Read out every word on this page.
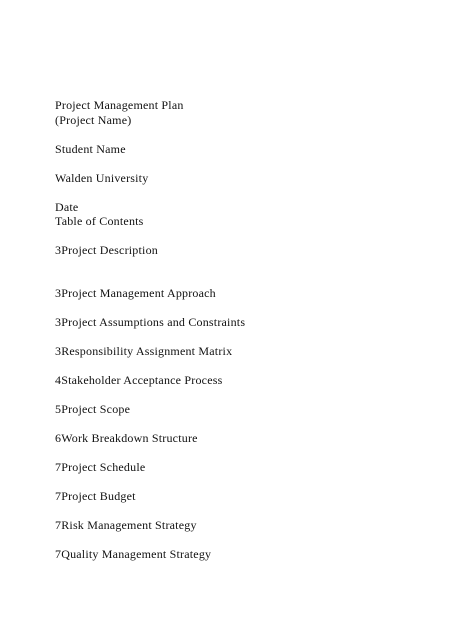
Project Management Plan
(Project Name)
Student Name
Walden University
Date
Table of Contents
3Project Description
3Project Management Approach
3Project Assumptions and Constraints
3Responsibility Assignment Matrix
4Stakeholder Acceptance Process
5Project Scope
6Work Breakdown Structure
7Project Schedule
7Project Budget
7Risk Management Strategy
7Quality Management Strategy
